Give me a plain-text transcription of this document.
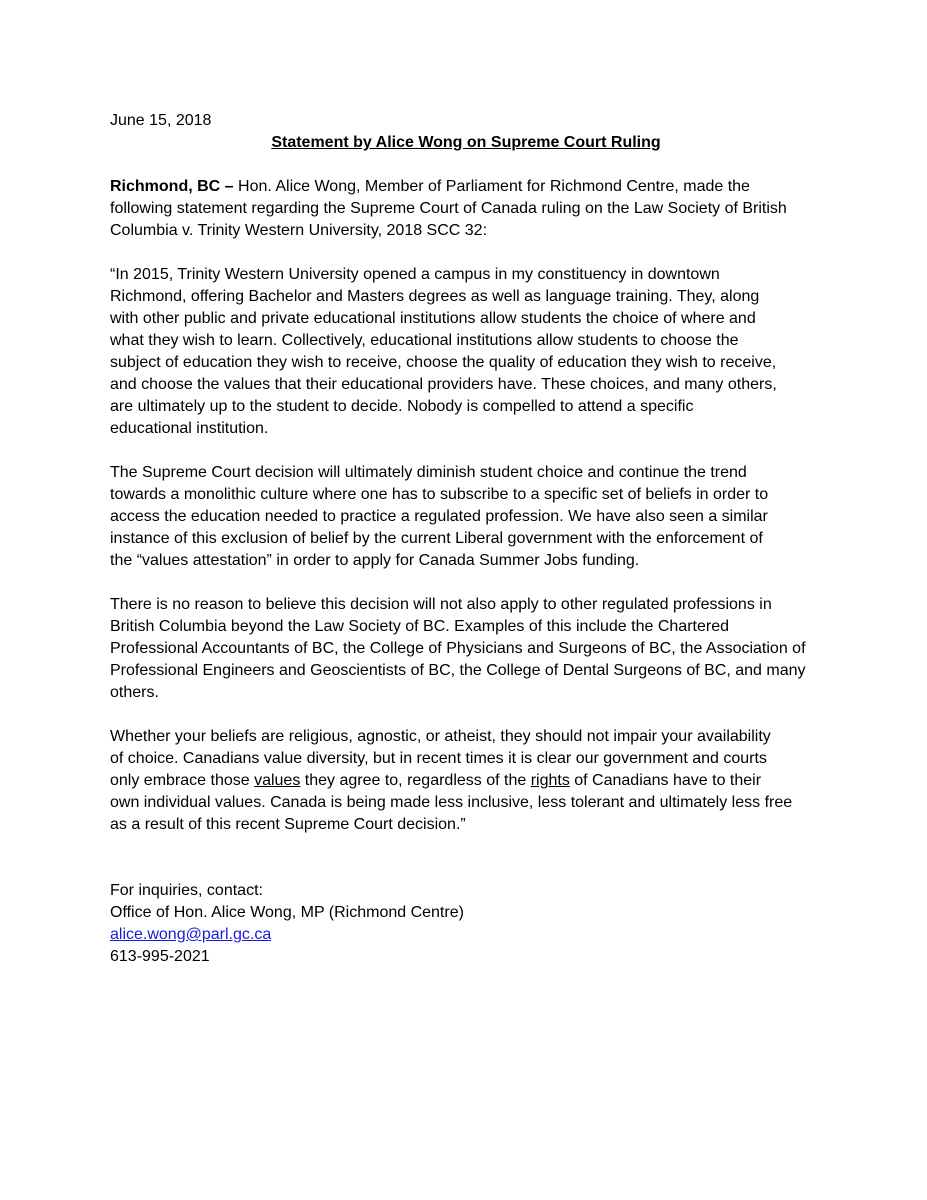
June 15, 2018

Statement by Alice Wong on Supreme Court Ruling

Richmond, BC – Hon. Alice Wong, Member of Parliament for Richmond Centre, made the
following statement regarding the Supreme Court of Canada ruling on the Law Society of British
Columbia v. Trinity Western University, 2018 SCC 32:

“In 2015, Trinity Western University opened a campus in my constituency in downtown
Richmond, offering Bachelor and Masters degrees as well as language training. They, along
with other public and private educational institutions allow students the choice of where and
what they wish to learn. Collectively, educational institutions allow students to choose the
subject of education they wish to receive, choose the quality of education they wish to receive,
and choose the values that their educational providers have. These choices, and many others,
are ultimately up to the student to decide. Nobody is compelled to attend a specific
educational institution.

The Supreme Court decision will ultimately diminish student choice and continue the trend
towards a monolithic culture where one has to subscribe to a specific set of beliefs in order to
access the education needed to practice a regulated profession. We have also seen a similar
instance of this exclusion of belief by the current Liberal government with the enforcement of
the “values attestation” in order to apply for Canada Summer Jobs funding.

There is no reason to believe this decision will not also apply to other regulated professions in
British Columbia beyond the Law Society of BC. Examples of this include the Chartered
Professional Accountants of BC, the College of Physicians and Surgeons of BC, the Association of
Professional Engineers and Geoscientists of BC, the College of Dental Surgeons of BC, and many
others.

Whether your beliefs are religious, agnostic, or atheist, they should not impair your availability
of choice. Canadians value diversity, but in recent times it is clear our government and courts
only embrace those values they agree to, regardless of the rights of Canadians have to their
own individual values. Canada is being made less inclusive, less tolerant and ultimately less free
as a result of this recent Supreme Court decision.”

For inquiries, contact:
Office of Hon. Alice Wong, MP (Richmond Centre)
alice.wong@parl.gc.ca
613-995-2021
